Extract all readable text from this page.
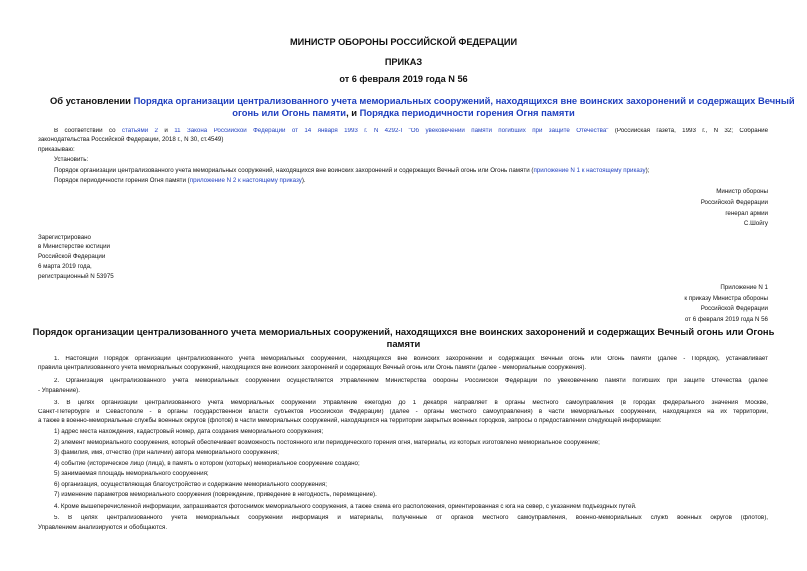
МИНИСТР ОБОРОНЫ РОССИЙСКОЙ ФЕДЕРАЦИИ
ПРИКАЗ
от 6 февраля 2019 года N 56
Об установлении Порядка организации централизованного учета мемориальных сооружений, находящихся вне воинских захоронений и содержащих Вечный
огонь или Огонь памяти, и Порядка периодичности горения Огня памяти
В соответствии со статьями 2 и 11 Закона Российской Федерации от 14 января 1993 г. N 4292-I "Об увековечении памяти погибших при защите Отечества" (Российская газета, 1993 г., N 32; Собрание
законодательства Российской Федерации, 2018 г., N 30, ст.4549)
приказываю:
Установить:
Порядок организации централизованного учета мемориальных сооружений, находящихся вне воинских захоронений и содержащих Вечный огонь или Огонь памяти (приложение N 1 к настоящему приказу);
Порядок периодичности горения Огня памяти (приложение N 2 к настоящему приказу).
Министр обороны
Российской Федерации
генерал армии
С.Шойгу
Зарегистрировано
в Министерстве юстиции
Российской Федерации
6 марта 2019 года,
регистрационный N 53975
Приложение N 1
к приказу Министра обороны
Российской Федерации
от 6 февраля 2019 года N 56
Порядок организации централизованного учета мемориальных сооружений, находящихся вне воинских захоронений и содержащих Вечный огонь или Огонь
памяти
1. Настоящий Порядок организации централизованного учета мемориальных сооружений, находящихся вне воинских захоронений и содержащих Вечный огонь или Огонь памяти (далее - Порядок), устанавливает
правила централизованного учета мемориальных сооружений, находящихся вне воинских захоронений и содержащих Вечный огонь или Огонь памяти (далее - мемориальные сооружения).
2. Организация централизованного учета мемориальных сооружений осуществляется Управлением Министерства обороны Российской Федерации по увековечению памяти погибших при защите Отечества (далее
- Управление).
3. В целях организации централизованного учета мемориальных сооружений Управление ежегодно до 1 декабря направляет в органы местного самоуправления (в городах федерального значения Москве,
Санкт-Петербурге и Севастополе - в органы государственной власти субъектов Российской Федерации) (далее - органы местного самоуправления) в части мемориальных сооружений, находящихся на их территории,
а также в военно-мемориальные службы военных округов (флотов) в части мемориальных сооружений, находящихся на территории закрытых военных городков, запросы о предоставлении следующей информации:
1) адрес места нахождения, кадастровый номер, дата создания мемориального сооружения;
2) элемент мемориального сооружения, который обеспечивает возможность постоянного или периодического горения огня, материалы, из которых изготовлено мемориальное сооружение;
3) фамилия, имя, отчество (при наличии) автора мемориального сооружения;
4) событие (историческое лицо (лица), в память о котором (которых) мемориальное сооружение создано;
5) занимаемая площадь мемориального сооружения;
6) организация, осуществляющая благоустройство и содержание мемориального сооружения;
7) изменение параметров мемориального сооружения (повреждение, приведение в негодность, перемещение).
4. Кроме вышеперечисленной информации, запрашивается фотоснимок мемориального сооружения, а также схема его расположения, ориентированная с юга на север, с указанием подъездных путей.
5. В целях централизованного учета мемориальных сооружений информация и материалы, полученные от органов местного самоуправления, военно-мемориальных служб военных округов (флотов),
Управлением анализируются и обобщаются.
